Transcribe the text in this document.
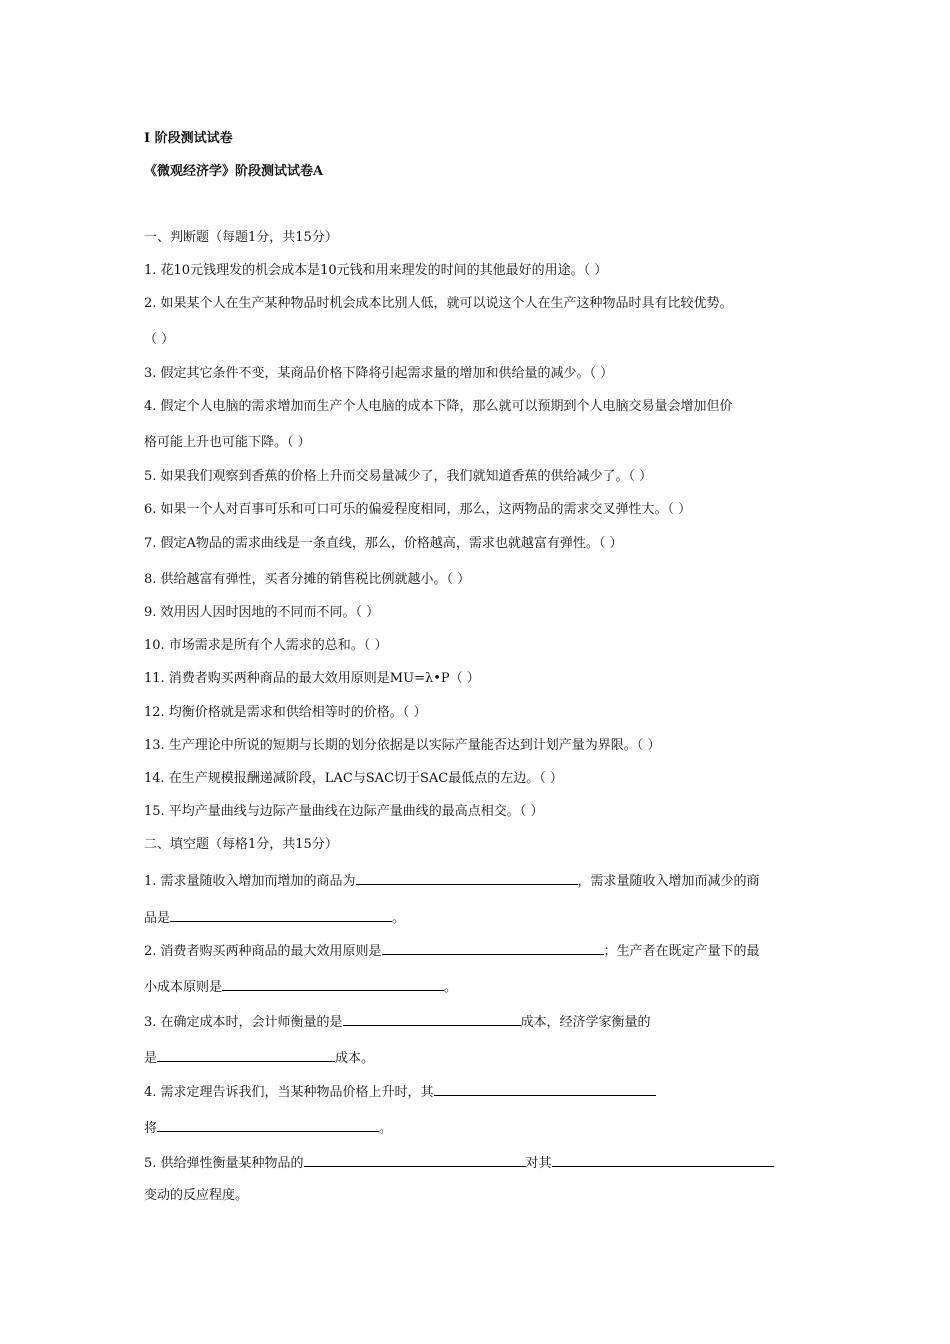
I 阶段测试试卷
《微观经济学》阶段测试试卷A
一、判断题（每题1分，共15分）
1. 花10元钱理发的机会成本是10元钱和用来理发的时间的其他最好的用途。（ ）
2. 如果某个人在生产某种物品时机会成本比别人低，就可以说这个人在生产这种物品时具有比较优势。
（ ）
3. 假定其它条件不变，某商品价格下降将引起需求量的增加和供给量的减少。（ ）
4. 假定个人电脑的需求增加而生产个人电脑的成本下降，那么就可以预期到个人电脑交易量会增加但价
格可能上升也可能下降。（ ）
5. 如果我们观察到香蕉的价格上升而交易量减少了，我们就知道香蕉的供给减少了。（ ）
6. 如果一个人对百事可乐和可口可乐的偏爱程度相同，那么，这两物品的需求交叉弹性大。（ ）
7. 假定A物品的需求曲线是一条直线，那么，价格越高，需求也就越富有弹性。（ ）
8. 供给越富有弹性，买者分摊的销售税比例就越小。（ ）
9. 效用因人因时因地的不同而不同。（ ）
10. 市场需求是所有个人需求的总和。（ ）
11. 消费者购买两种商品的最大效用原则是MU=λ•P（ ）
12. 均衡价格就是需求和供给相等时的价格。（ ）
13. 生产理论中所说的短期与长期的划分依据是以实际产量能否达到计划产量为界限。（ ）
14. 在生产规模报酬递减阶段，LAC与SAC切于SAC最低点的左边。（ ）
15. 平均产量曲线与边际产量曲线在边际产量曲线的最高点相交。（ ）
二、填空题（每格1分，共15分）
1. 需求量随收入增加而增加的商品为	，需求量随收入增加而减少的商
品是	。
2. 消费者购买两种商品的最大效用原则是	；生产者在既定产量下的最
小成本原则是	。
3. 在确定成本时，会计师衡量的是	成本，经济学家衡量的
是	成本。
4. 需求定理告诉我们，当某种物品价格上升时，其
将	。
5. 供给弹性衡量某种物品的	对其
变动的反应程度。
